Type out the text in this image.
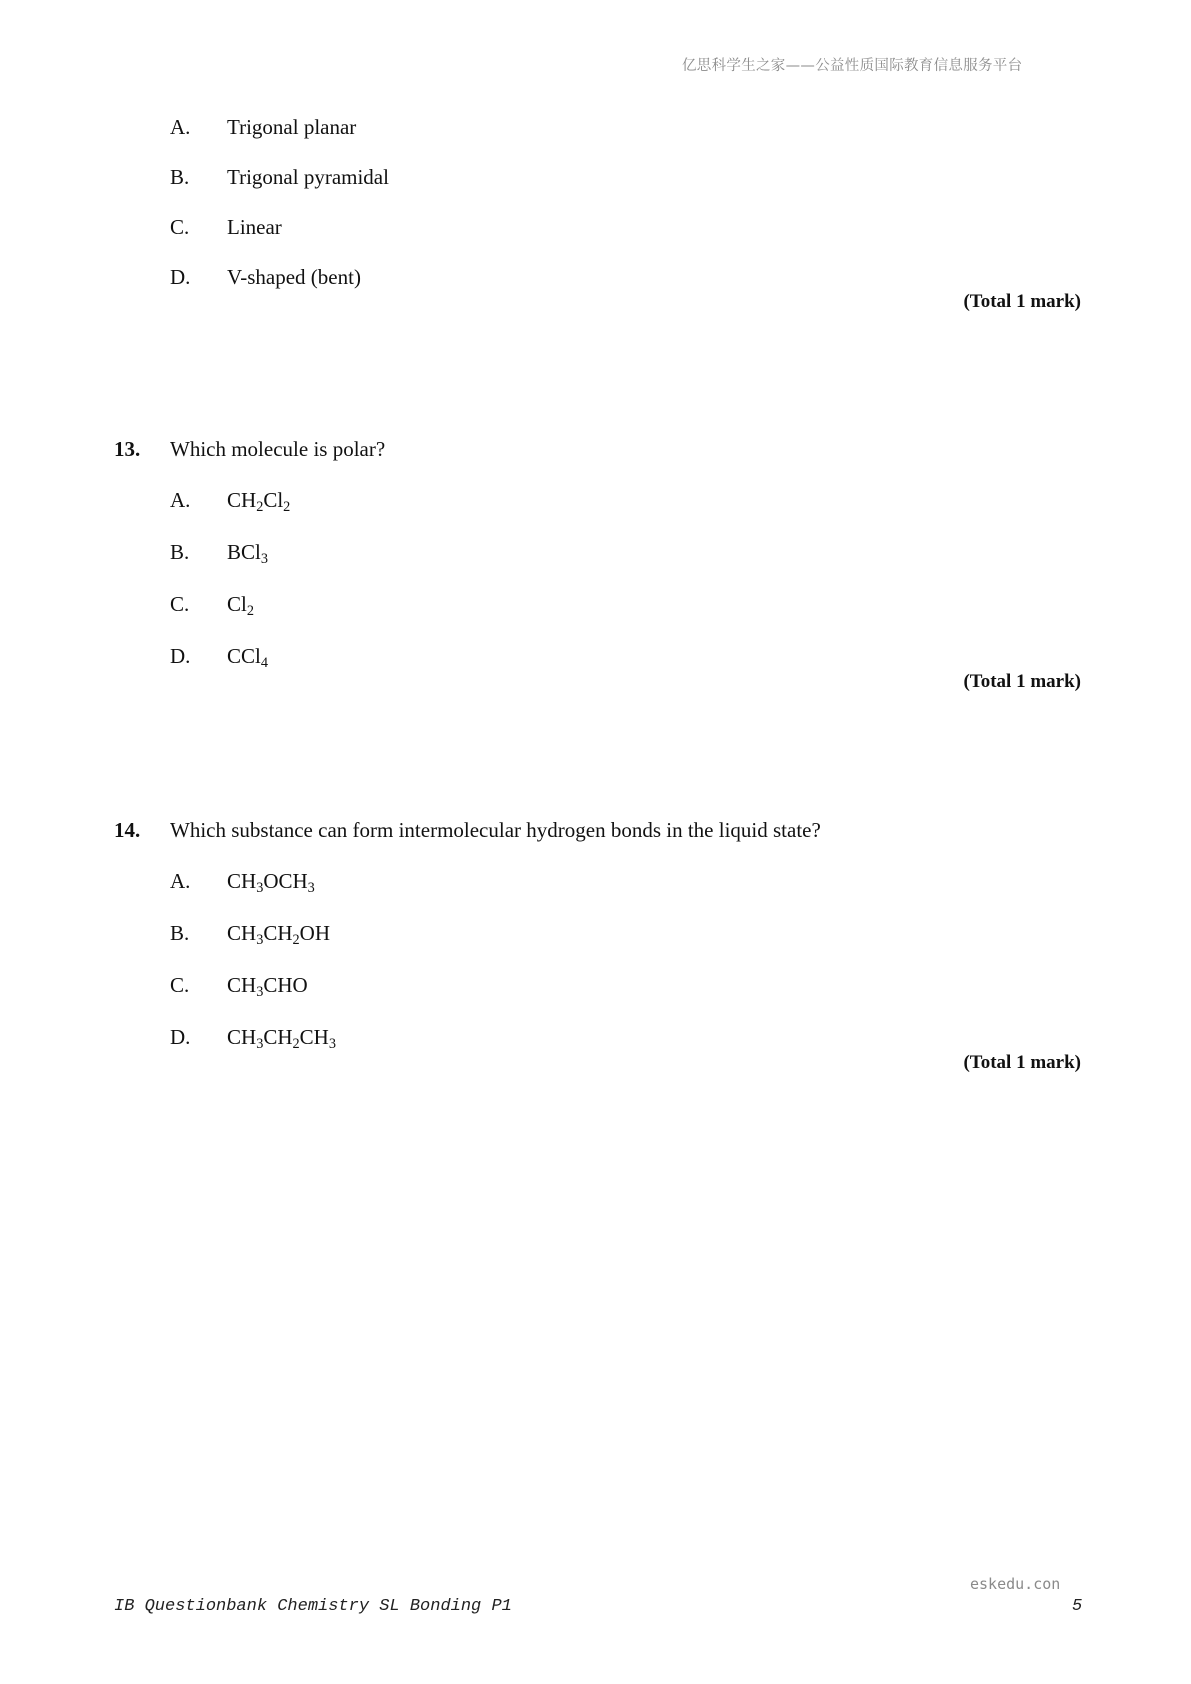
亿思科学生之家——公益性质国际教育信息服务平台
A. Trigonal planar
B. Trigonal pyramidal
C. Linear
D. V-shaped (bent)
(Total 1 mark)
13. Which molecule is polar?
A. $CH_2Cl_2$
B. BCl$_3$
C. $Cl_2$
D. CCl$_4$
(Total 1 mark)
14. Which substance can form intermolecular hydrogen bonds in the liquid state?
A. $CH_3OCH_3$
B. $CH_3CH_2OH$
C. $CH_3CHO$
D. $CH_3CH_2CH_3$
(Total 1 mark)
eskedu.con
IB Questionbank Chemistry SL Bonding P1	5
